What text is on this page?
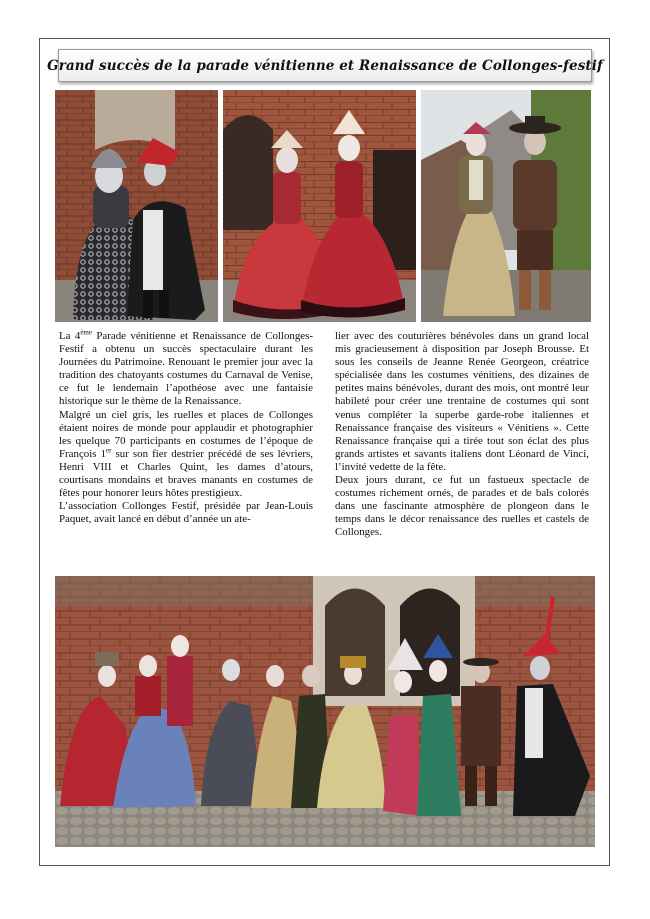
Grand succès de la parade vénitienne et Renaissance de Collonges-festif

La 4ème Parade vénitienne et Renaissance de Collonges-Festif a obtenu un succès spectaculaire durant les Journées du Patrimoine. Renouant le premier jour avec la tradition des chatoyants costumes du Carnaval de Venise, ce fut le lendemain l’apothéose avec une fantaisie historique sur le thème de la Renaissance.

Malgré un ciel gris, les ruelles et places de Collonges étaient noires de monde pour applaudir et photographier les quelque 70 participants en costumes de l’époque de François 1er sur son fier destrier précédé de ses lévriers, Henri VIII et Charles Quint, les dames d’atours, courtisans mondains et braves manants en costumes de fêtes pour honorer leurs hôtes prestigieux.

L’association Collonges Festif, présidée par Jean-Louis Paquet, avait lancé en début d’année un ate-

lier avec des couturières bénévoles dans un grand local mis gracieusement à disposition par Joseph Brousse. Et sous les conseils de Jeanne Renée Georgeon, créatrice spécialisée dans les costumes vénitiens, des dizaines de petites mains bénévoles, durant des mois, ont montré leur habileté pour créer une trentaine de costumes qui sont venus compléter la superbe garde-robe italiennes et Renaissance française des visiteurs « Vénitiens ». Cette Renaissance française qui a tirée tout son éclat des plus grands artistes et savants italiens dont Léonard de Vinci, l’invité vedette de la fête.

Deux jours durant, ce fut un fastueux spectacle de costumes richement ornés, de parades et de bals colorés dans une fascinante atmosphère de plongeon dans le temps dans le décor renaissance des ruelles et castels de Collonges.
